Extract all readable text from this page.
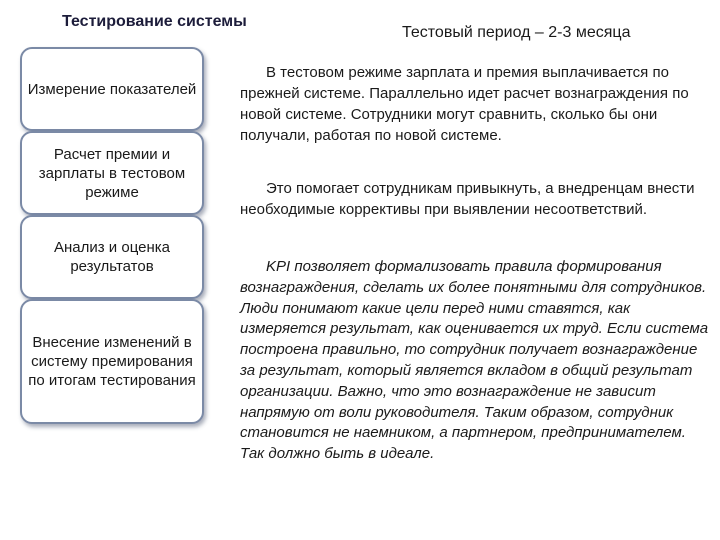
Тестирование системы
Тестовый период – 2-3 месяца
Измерение показателей
Расчет премии и зарплаты в тестовом режиме
Анализ и оценка результатов
Внесение изменений в систему премирования по итогам тестирования

В тестовом режиме зарплата и премия выплачивается по прежней системе. Параллельно идет расчет вознаграждения по новой системе. Сотрудники могут сравнить, сколько бы они получали, работая по новой системе.

Это помогает сотрудникам привыкнуть, а внедренцам внести необходимые коррективы при выявлении несоответствий.

KPI позволяет формализовать правила формирования вознаграждения, сделать их более понятными для сотрудников. Люди понимают какие цели перед ними ставятся, как измеряется результат, как оценивается их труд. Если система построена правильно, то сотрудник получает вознаграждение за результат, который является вкладом в общий результат организации. Важно, что это вознаграждение не зависит напрямую от воли руководителя. Таким образом, сотрудник становится не наемником, а партнером, предпринимателем. Так должно быть в идеале.
